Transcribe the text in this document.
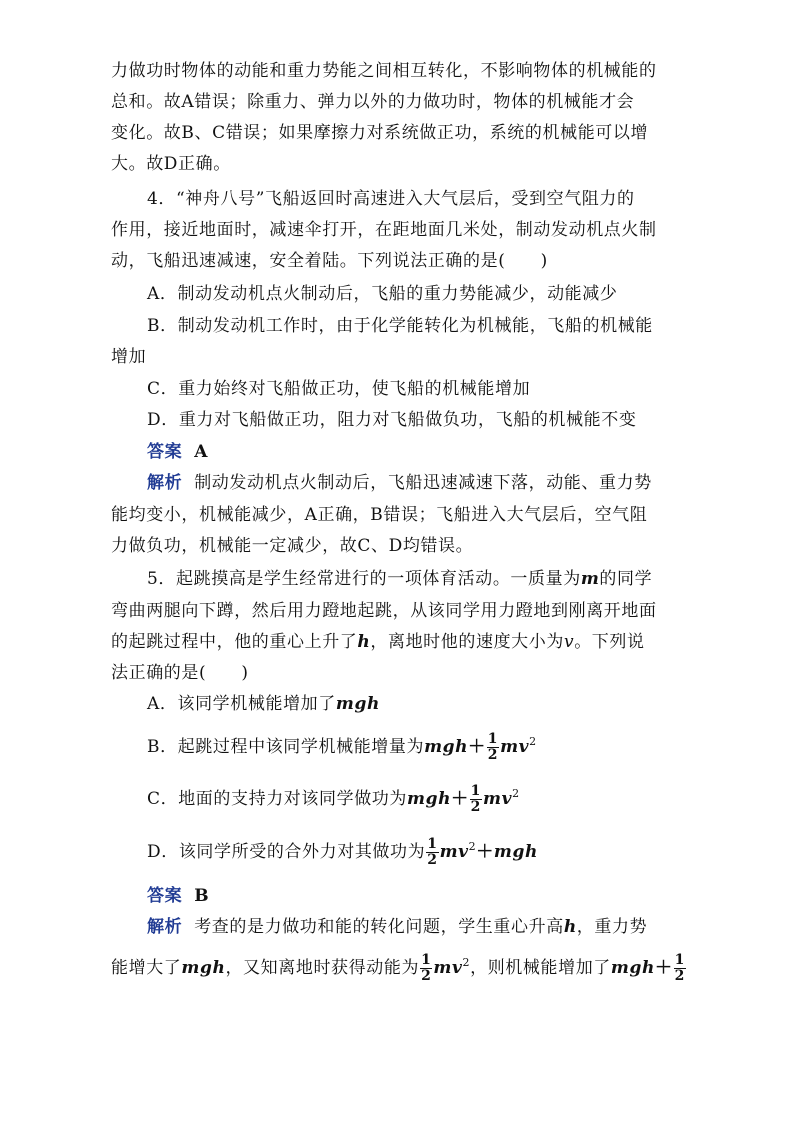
力做功时物体的动能和重力势能之间相互转化，不影响物体的机械能的
总和。故A错误；除重力、弹力以外的力做功时，物体的机械能才会
变化。故B、C错误；如果摩擦力对系统做正功，系统的机械能可以增
大。故D正确。
4．“神舟八号”飞船返回时高速进入大气层后，受到空气阻力的
作用，接近地面时，减速伞打开，在距地面几米处，制动发动机点火制
动，飞船迅速减速，安全着陆。下列说法正确的是(　　)
A．制动发动机点火制动后，飞船的重力势能减少，动能减少
B．制动发动机工作时，由于化学能转化为机械能，飞船的机械能
增加
C．重力始终对飞船做正功，使飞船的机械能增加
D．重力对飞船做正功，阻力对飞船做负功，飞船的机械能不变
答案 A
解析 制动发动机点火制动后，飞船迅速减速下落，动能、重力势
能均变小，机械能减少，A正确，B错误；飞船进入大气层后，空气阻
力做负功，机械能一定减少，故C、D均错误。
5．起跳摸高是学生经常进行的一项体育活动。一质量为m的同学
弯曲两腿向下蹲，然后用力蹬地起跳，从该同学用力蹬地到刚离开地面
的起跳过程中，他的重心上升了h，离地时他的速度大小为v。下列说
法正确的是(　　)
A．该同学机械能增加了mgh
B．起跳过程中该同学机械能增量为$mgh+ \frac{1}{2} mv^2$
C．地面的支持力对该同学做功为$mgh+ \frac{1}{2} mv^2$
D．该同学所受的合外力对其做功为 $\frac{1}{2} mv^2+mgh$
答案 B
解析 考查的是力做功和能的转化问题，学生重心升高h，重力势
能增大了mgh，又知离地时获得动能为 $\frac{1}{2} mv^2$，则机械能增加了$mgh+ \frac{1}{2}$
